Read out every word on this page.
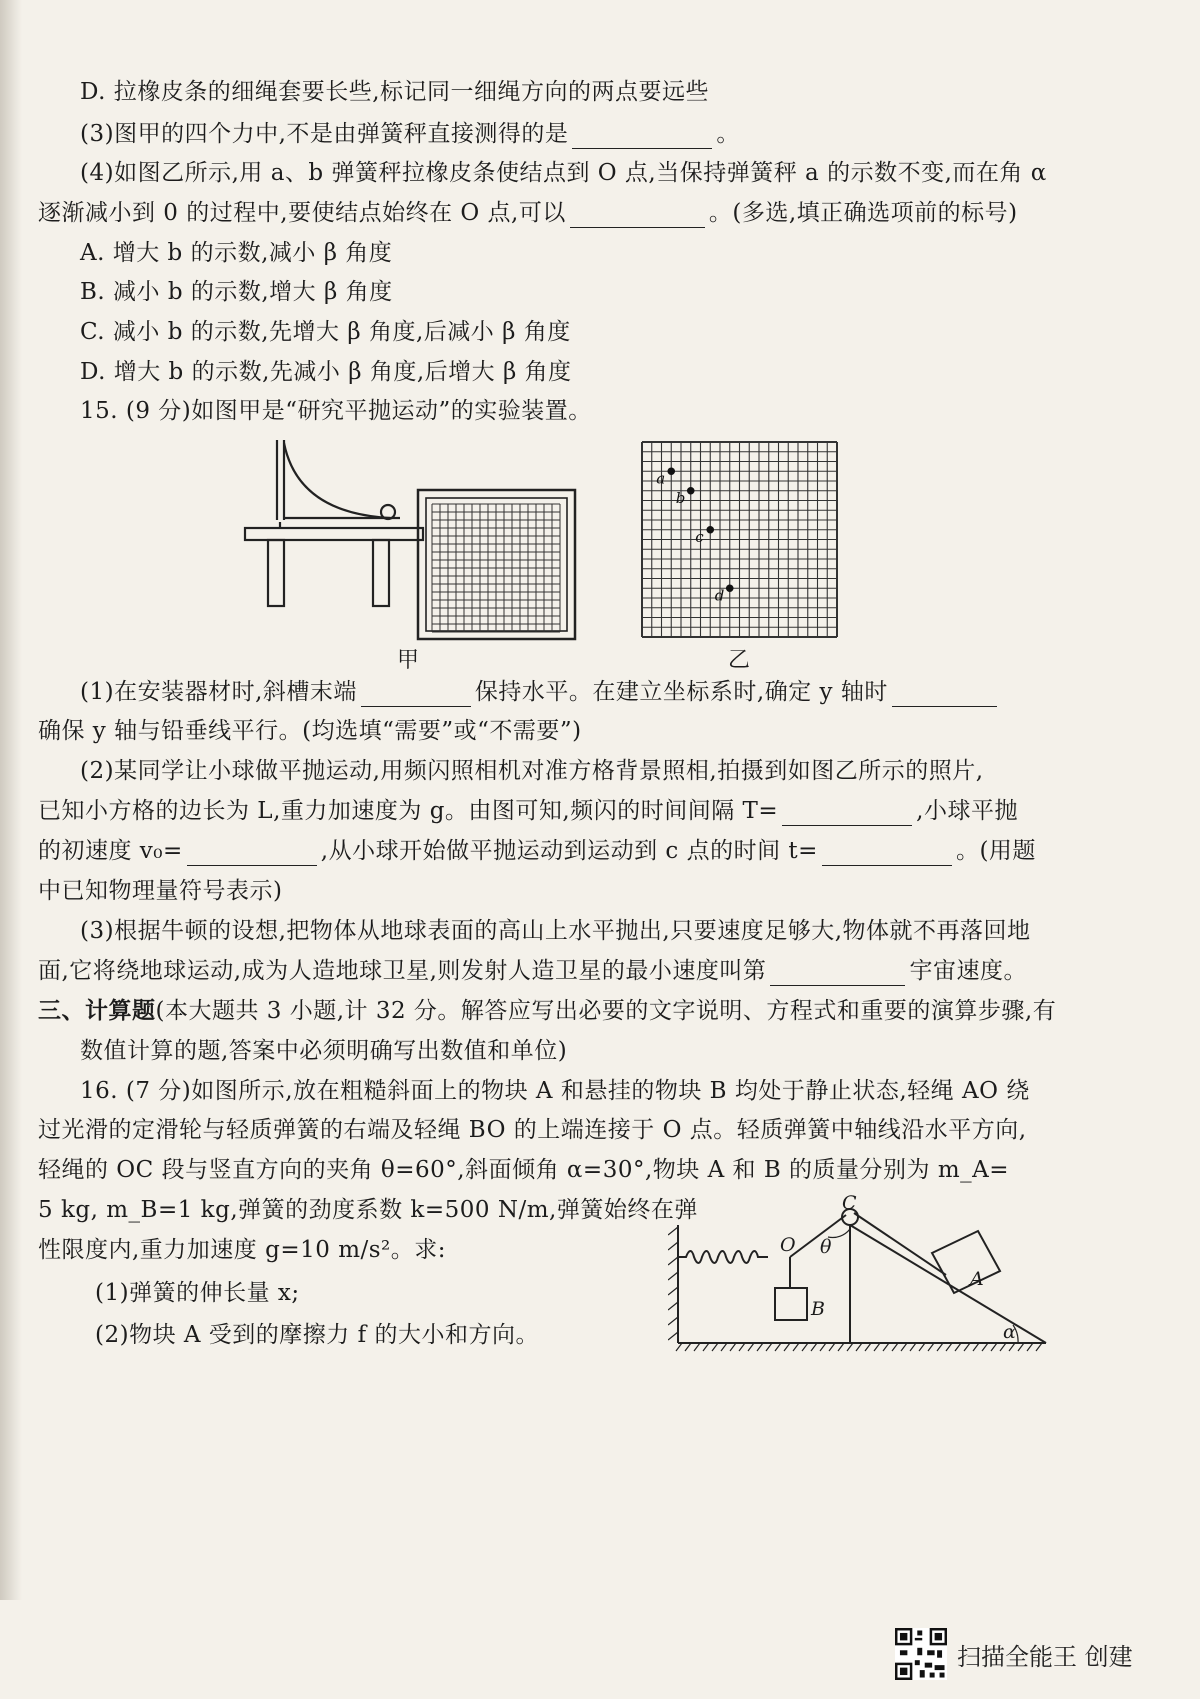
D. 拉橡皮条的细绳套要长些,标记同一细绳方向的两点要远些
(3)图甲的四个力中,不是由弹簧秤直接测得的是	。
(4)如图乙所示,用 a、b 弹簧秤拉橡皮条使结点到 O 点,当保持弹簧秤 a 的示数不变,而在角 α
逐渐减小到 0 的过程中,要使结点始终在 O 点,可以	。(多选,填正确选项前的标号)
A. 增大 b 的示数,减小 β 角度
B. 减小 b 的示数,增大 β 角度
C. 减小 b 的示数,先增大 β 角度,后减小 β 角度
D. 增大 b 的示数,先减小 β 角度,后增大 β 角度
15. (9 分)如图甲是“研究平抛运动”的实验装置。
甲
a
b
c
d
乙
(1)在安装器材时,斜槽末端	保持水平。在建立坐标系时,确定 y 轴时
确保 y 轴与铅垂线平行。(均选填“需要”或“不需要”)
(2)某同学让小球做平抛运动,用频闪照相机对准方格背景照相,拍摄到如图乙所示的照片,
已知小方格的边长为 L,重力加速度为 g。由图可知,频闪的时间间隔 T=	,小球平抛
的初速度 v₀=	,从小球开始做平抛运动到运动到 c 点的时间 t=	。(用题
中已知物理量符号表示)
(3)根据牛顿的设想,把物体从地球表面的高山上水平抛出,只要速度足够大,物体就不再落回地
面,它将绕地球运动,成为人造地球卫星,则发射人造卫星的最小速度叫第	宇宙速度。
三、计算题(本大题共 3 小题,计 32 分。解答应写出必要的文字说明、方程式和重要的演算步骤,有
数值计算的题,答案中必须明确写出数值和单位)
16. (7 分)如图所示,放在粗糙斜面上的物块 A 和悬挂的物块 B 均处于静止状态,轻绳 AO 绕
过光滑的定滑轮与轻质弹簧的右端及轻绳 BO 的上端连接于 O 点。轻质弹簧中轴线沿水平方向,
轻绳的 OC 段与竖直方向的夹角 θ=60°,斜面倾角 α=30°,物块 A 和 B 的质量分别为 m_A=
5 kg, m_B=1 kg,弹簧的劲度系数 k=500 N/m,弹簧始终在弹
性限度内,重力加速度 g=10 m/s²。求:
(1)弹簧的伸长量 x;
(2)物块 A 受到的摩擦力 f 的大小和方向。
C
O θ
A
B
α
扫描全能王 创建
